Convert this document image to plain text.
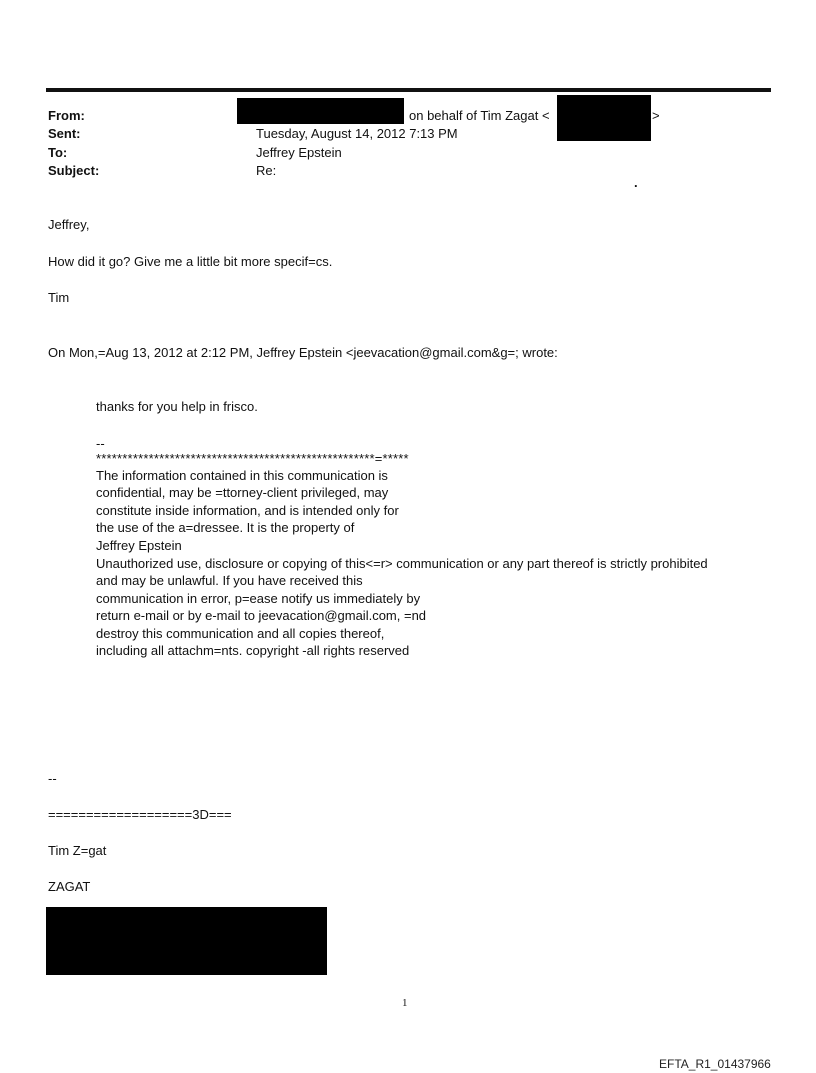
From:	on behalf of Tim Zagat <	>
Sent:	Tuesday, August 14, 2012 7:13 PM
To:	Jeffrey Epstein
Subject:	Re:
.
Jeffrey,
How did it go? Give me a little bit more specif=cs.
Tim
On Mon,=Aug 13, 2012 at 2:12 PM, Jeffrey Epstein <jeevacation@gmail.com&g=; wrote:
thanks for you help in frisco.
--
*****************************************************=*****
The information contained in this communication is
confidential, may be =ttorney-client privileged, may
constitute inside information, and is intended only for
the use of the a=dressee. It is the property of
Jeffrey Epstein
Unauthorized use, disclosure or copying of this<=r> communication or any part thereof is strictly prohibited
and may be unlawful. If you have received this
communication in error, p=ease notify us immediately by
return e-mail or by e-mail to jeevacation@gmail.com, =nd
destroy this communication and all copies thereof,
including all attachm=nts. copyright -all rights reserved
--
===================3D===
Tim Z=gat
ZAGAT
1
EFTA_R1_01437966
